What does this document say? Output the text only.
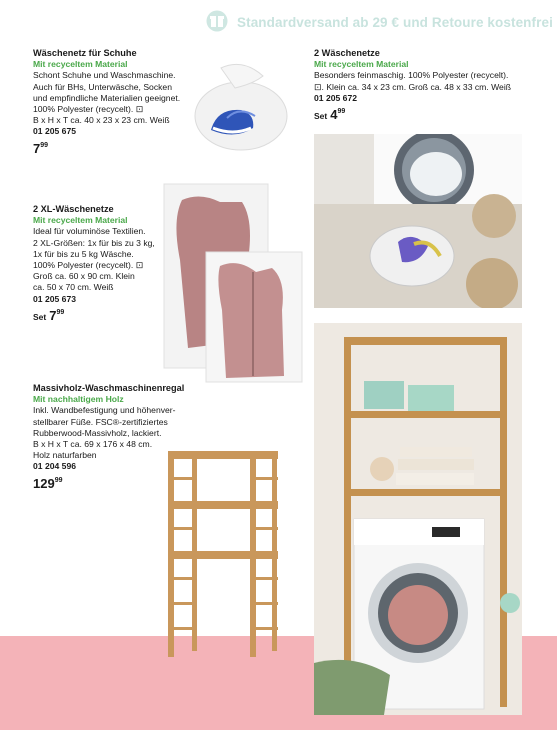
Standardversand ab 29 € und Retoure kostenfrei
Wäschenetz für Schuhe
Mit recyceltem Material
Schont Schuhe und Waschmaschine.
Auch für BHs, Unterwäsche, Socken
und empfindliche Materialien geeignet.
100% Polyester (recycelt). ⊡
B x H x T ca. 40 x 23 x 23 cm. Weiß
01 205 675
$7^{99}$
2 Wäschenetze
Mit recyceltem Material
Besonders feinmaschig. 100% Polyester (recycelt).
⊡. Klein ca. 34 x 23 cm. Groß ca. 48 x 33 cm. Weiß
01 205 672
Set $4^{99}$
2 XL-Wäschenetze
Mit recyceltem Material
Ideal für voluminöse Textilien.
2 XL-Größen: 1x für bis zu 3 kg,
1x für bis zu 5 kg Wäsche.
100% Polyester (recycelt). ⊡
Groß ca. 60 x 90 cm. Klein
ca. 50 x 70 cm. Weiß
01 205 673
Set $7^{99}$
Massivholz-Waschmaschinenregal
Mit nachhaltigem Holz
Inkl. Wandbefestigung und höhenver-
stellbarer Füße. FSC®-zertifiziertes
Rubberwood-Massivholz, lackiert.
B x H x T ca. 69 x 176 x 48 cm.
Holz naturfarben
01 204 596
$129^{99}$
